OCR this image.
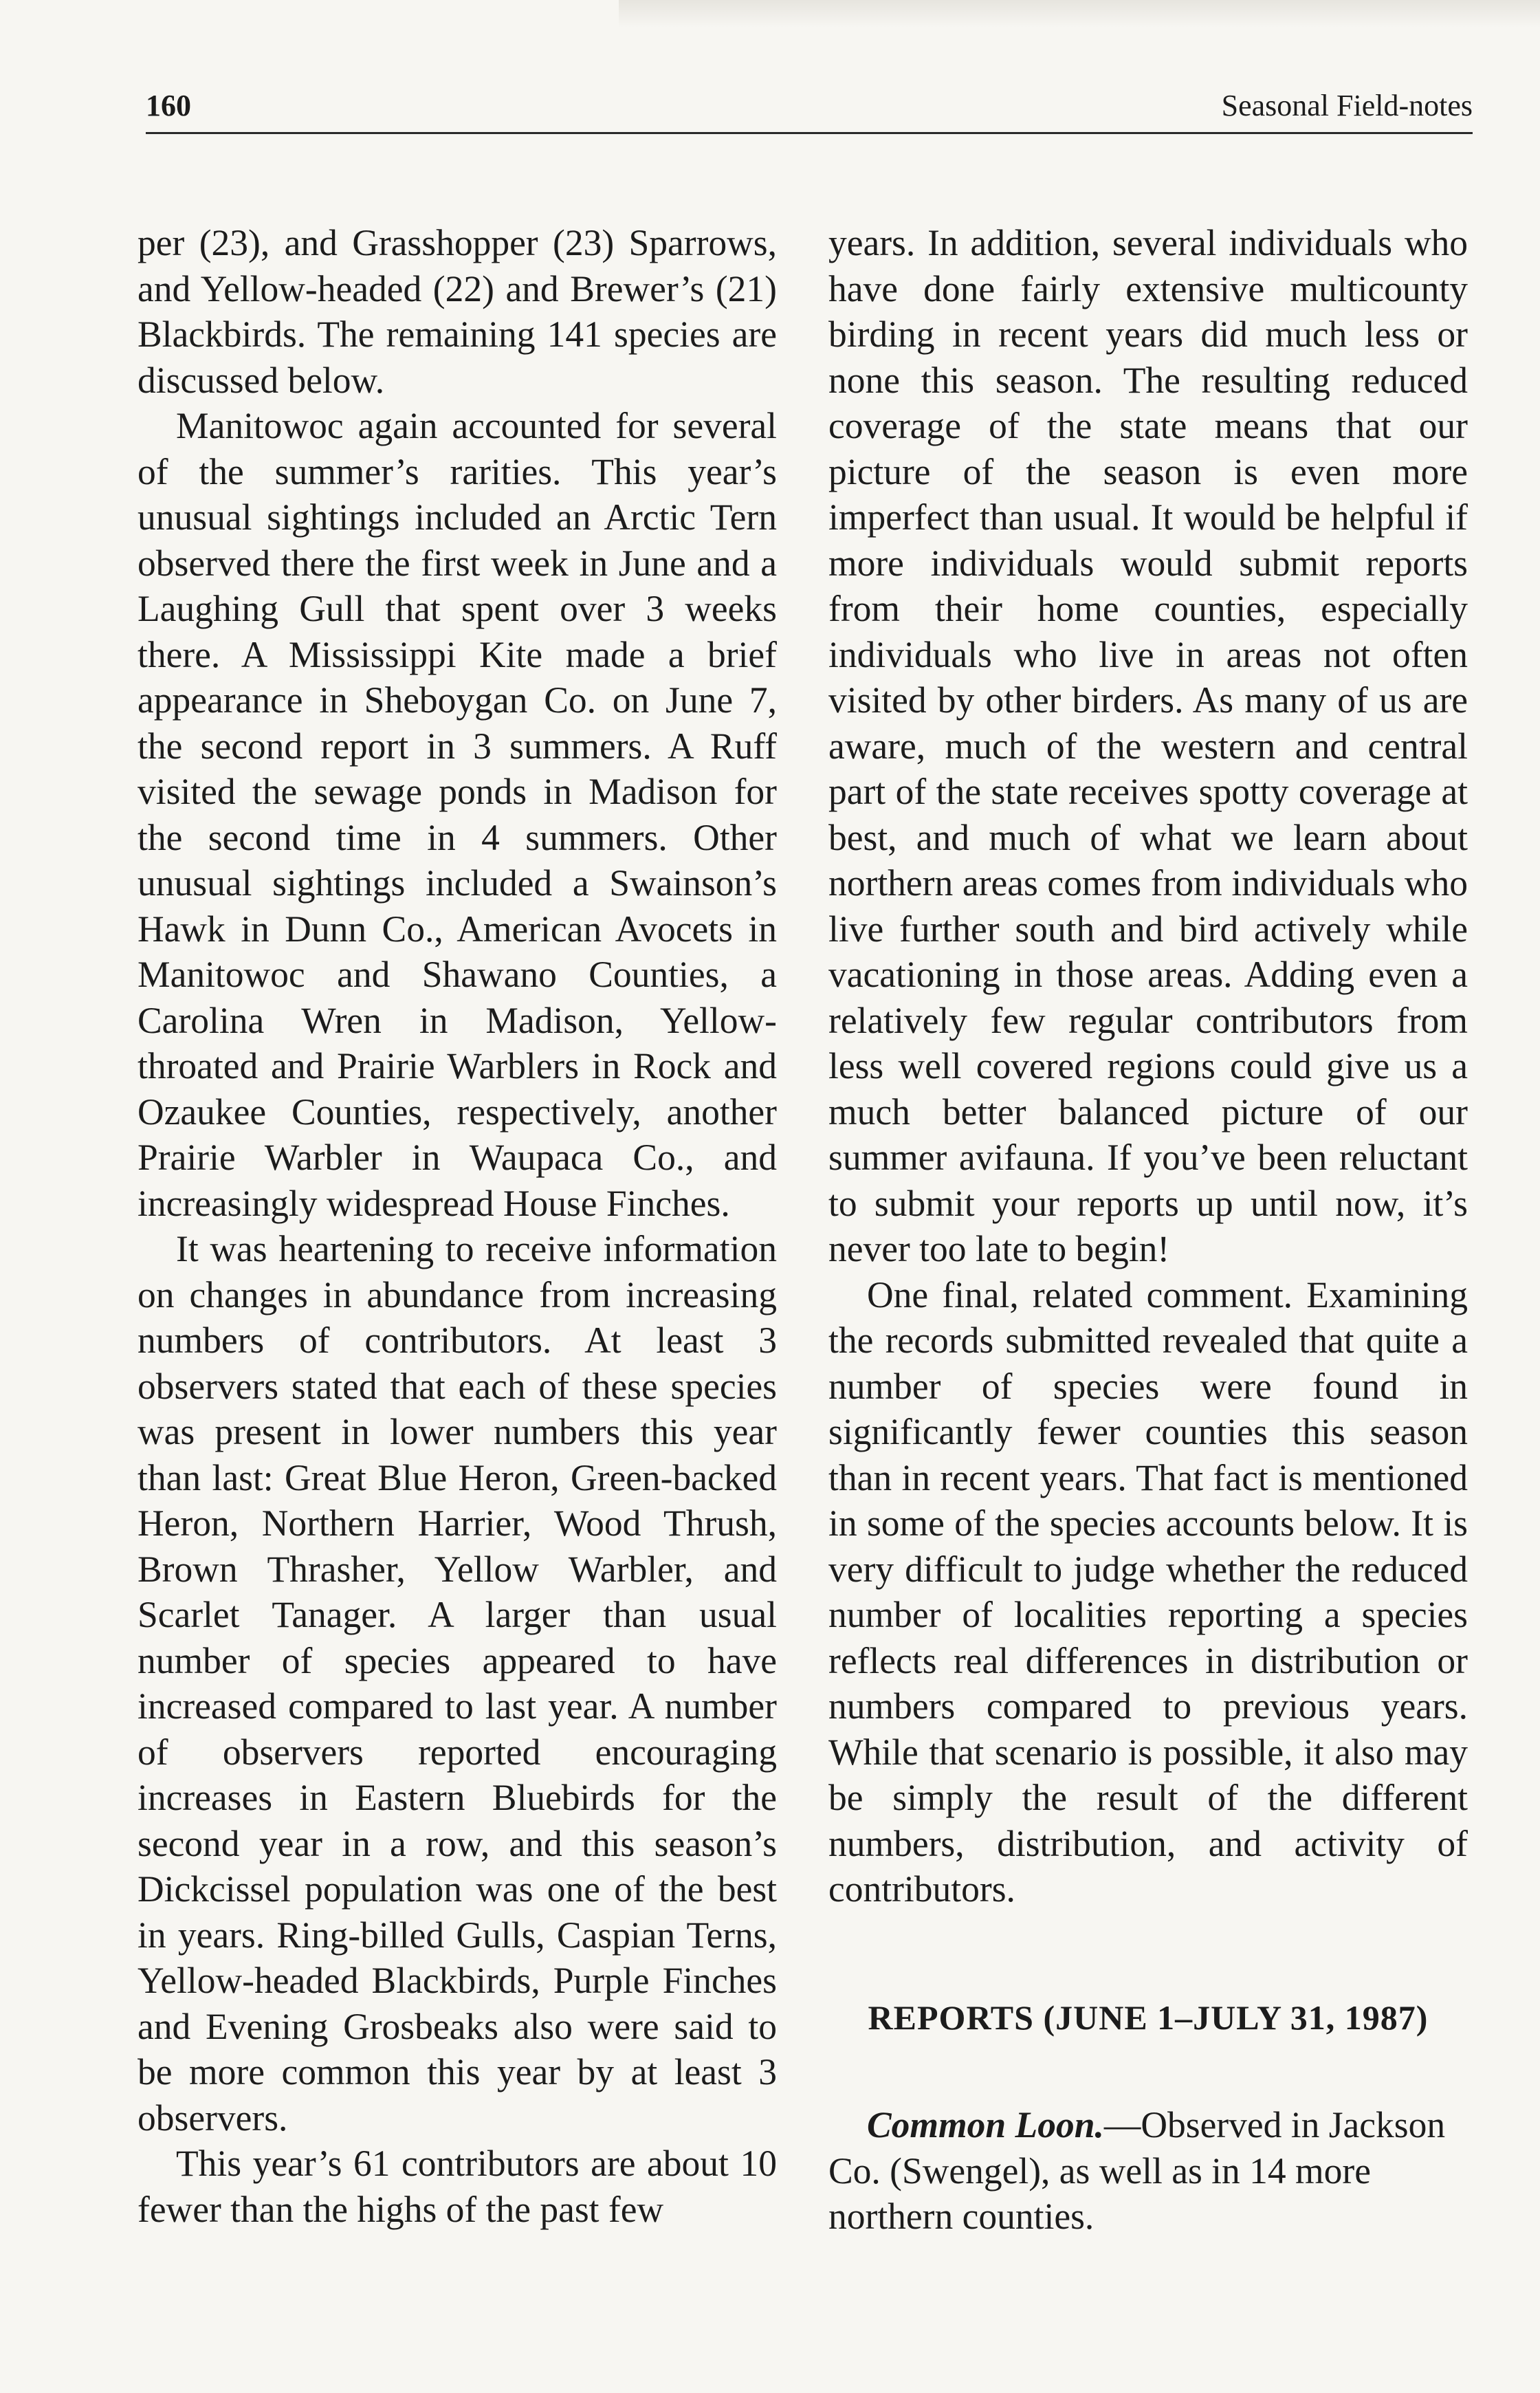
160	Seasonal Field-notes

per (23), and Grasshopper (23) Sparrows, and Yellow-headed (22) and Brewer’s (21) Blackbirds. The remaining 141 species are discussed below.

Manitowoc again accounted for several of the summer’s rarities. This year’s unusual sightings included an Arctic Tern observed there the first week in June and a Laughing Gull that spent over 3 weeks there. A Mississippi Kite made a brief appearance in Sheboygan Co. on June 7, the second report in 3 summers. A Ruff visited the sewage ponds in Madison for the second time in 4 summers. Other unusual sightings included a Swainson’s Hawk in Dunn Co., American Avocets in Manitowoc and Shawano Counties, a Carolina Wren in Madison, Yellow-throated and Prairie Warblers in Rock and Ozaukee Counties, respectively, another Prairie Warbler in Waupaca Co., and increasingly widespread House Finches.

It was heartening to receive information on changes in abundance from increasing numbers of contributors. At least 3 observers stated that each of these species was present in lower numbers this year than last: Great Blue Heron, Green-backed Heron, Northern Harrier, Wood Thrush, Brown Thrasher, Yellow Warbler, and Scarlet Tanager. A larger than usual number of species appeared to have increased compared to last year. A number of observers reported encouraging increases in Eastern Bluebirds for the second year in a row, and this season’s Dickcissel population was one of the best in years. Ring-billed Gulls, Caspian Terns, Yellow-headed Blackbirds, Purple Finches and Evening Grosbeaks also were said to be more common this year by at least 3 observers.

This year’s 61 contributors are about 10 fewer than the highs of the past few

years. In addition, several individuals who have done fairly extensive multicounty birding in recent years did much less or none this season. The resulting reduced coverage of the state means that our picture of the season is even more imperfect than usual. It would be helpful if more individuals would submit reports from their home counties, especially individuals who live in areas not often visited by other birders. As many of us are aware, much of the western and central part of the state receives spotty coverage at best, and much of what we learn about northern areas comes from individuals who live further south and bird actively while vacationing in those areas. Adding even a relatively few regular contributors from less well covered regions could give us a much better balanced picture of our summer avifauna. If you’ve been reluctant to submit your reports up until now, it’s never too late to begin!

One final, related comment. Examining the records submitted revealed that quite a number of species were found in significantly fewer counties this season than in recent years. That fact is mentioned in some of the species accounts below. It is very difficult to judge whether the reduced number of localities reporting a species reflects real differences in distribution or numbers compared to previous years. While that scenario is possible, it also may be simply the result of the different numbers, distribution, and activity of contributors.

REPORTS (JUNE 1–JULY 31, 1987)

Common Loon.—Observed in Jackson Co. (Swengel), as well as in 14 more northern counties.
